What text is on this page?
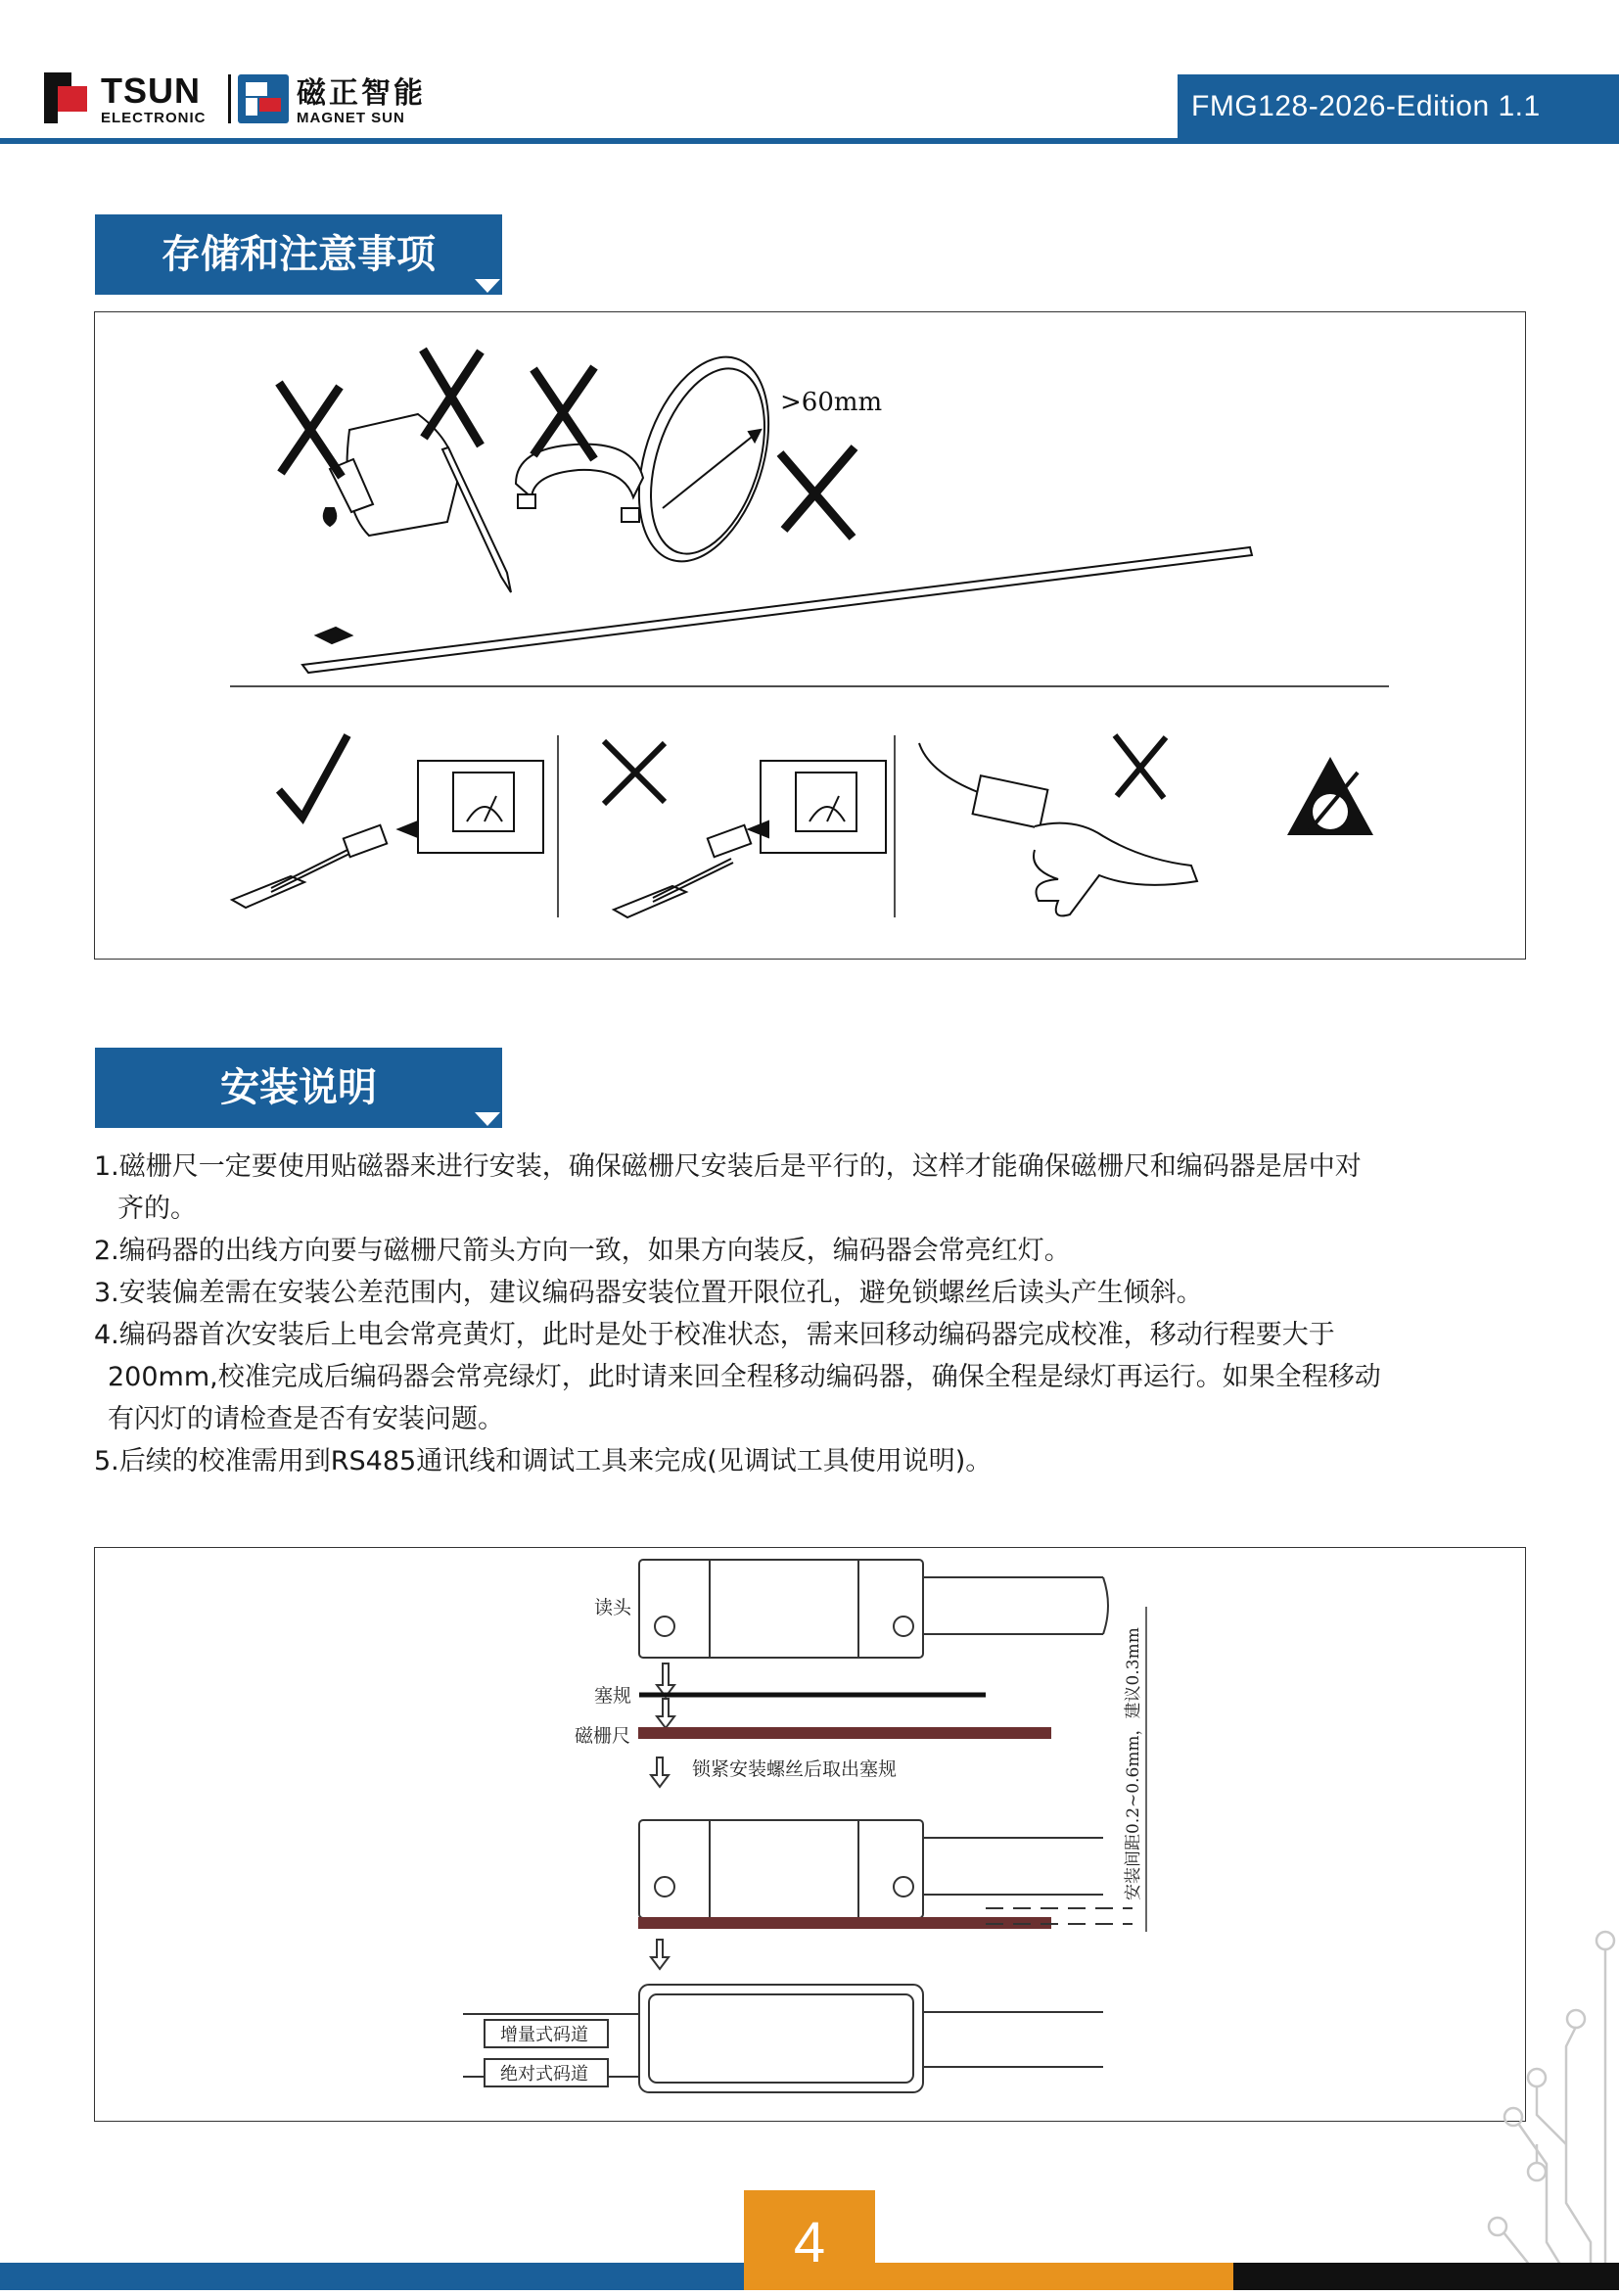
TSUN
ELECTRONIC
磁正智能
MAGNET SUN	FMG128-2026-Edition 1.1
存储和注意事项
>60mm
安装说明

1.磁栅尺一定要使用贴磁器来进行安装，确保磁栅尺安装后是平行的，这样才能确保磁栅尺和编码器是居中对

齐的。

2.编码器的出线方向要与磁栅尺箭头方向一致，如果方向装反，编码器会常亮红灯。

3.安装偏差需在安装公差范围内，建议编码器安装位置开限位孔，避免锁螺丝后读头产生倾斜。

4.编码器首次安装后上电会常亮黄灯，此时是处于校准状态，需来回移动编码器完成校准，移动行程要大于

200mm,校准完成后编码器会常亮绿灯，此时请来回全程移动编码器，确保全程是绿灯再运行。如果全程移动

有闪灯的请检查是否有安装问题。

5.后续的校准需用到RS485通讯线和调试工具来完成(见调试工具使用说明)。

读头
塞规
磁栅尺
锁紧安装螺丝后取出塞规
增量式码道
绝对式码道
安装间距0.2~0.6mm，建议0.3mm
4
